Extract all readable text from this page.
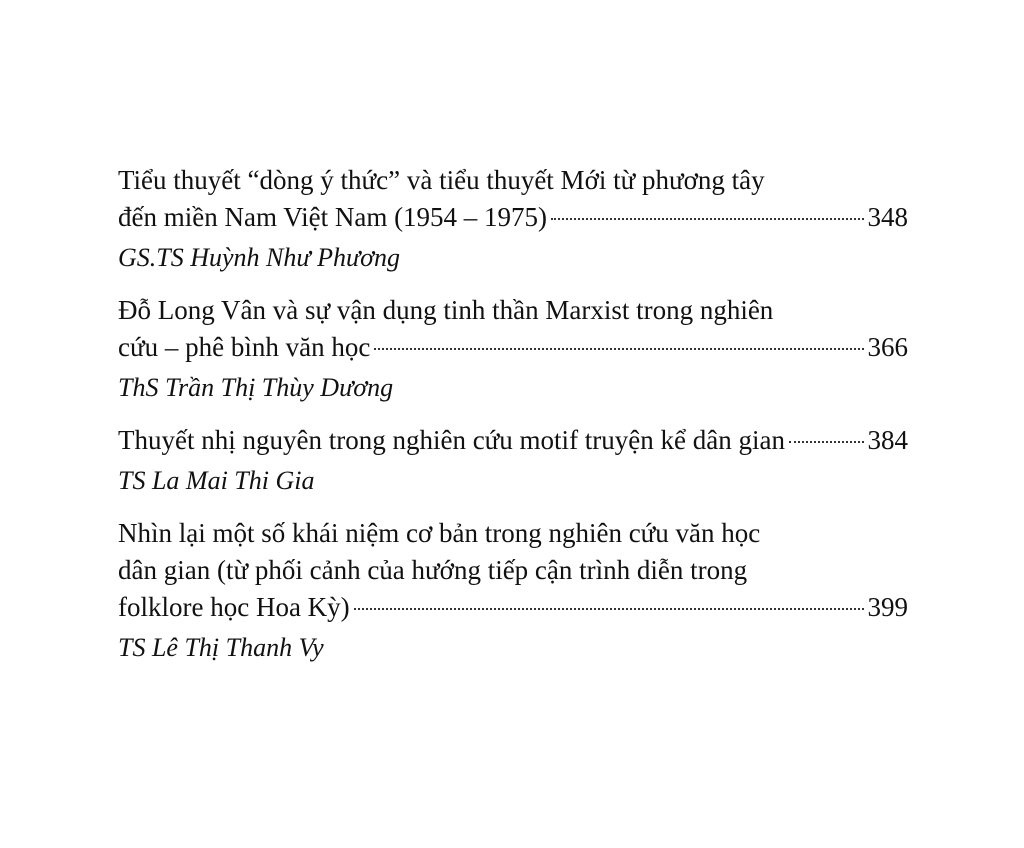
Tiểu thuyết “dòng ý thức” và tiểu thuyết Mới từ phương tây
đến miền Nam Việt Nam (1954 – 1975)	348
GS.TS Huỳnh Như Phương
Đỗ Long Vân và sự vận dụng tinh thần Marxist trong nghiên
cứu – phê bình văn học	366
ThS Trần Thị Thùy Dương
Thuyết nhị nguyên trong nghiên cứu motif truyện kể dân gian	384
TS La Mai Thi Gia
Nhìn lại một số khái niệm cơ bản trong nghiên cứu văn học
dân gian (từ phối cảnh của hướng tiếp cận trình diễn trong
folklore học Hoa Kỳ)	399
TS Lê Thị Thanh Vy
